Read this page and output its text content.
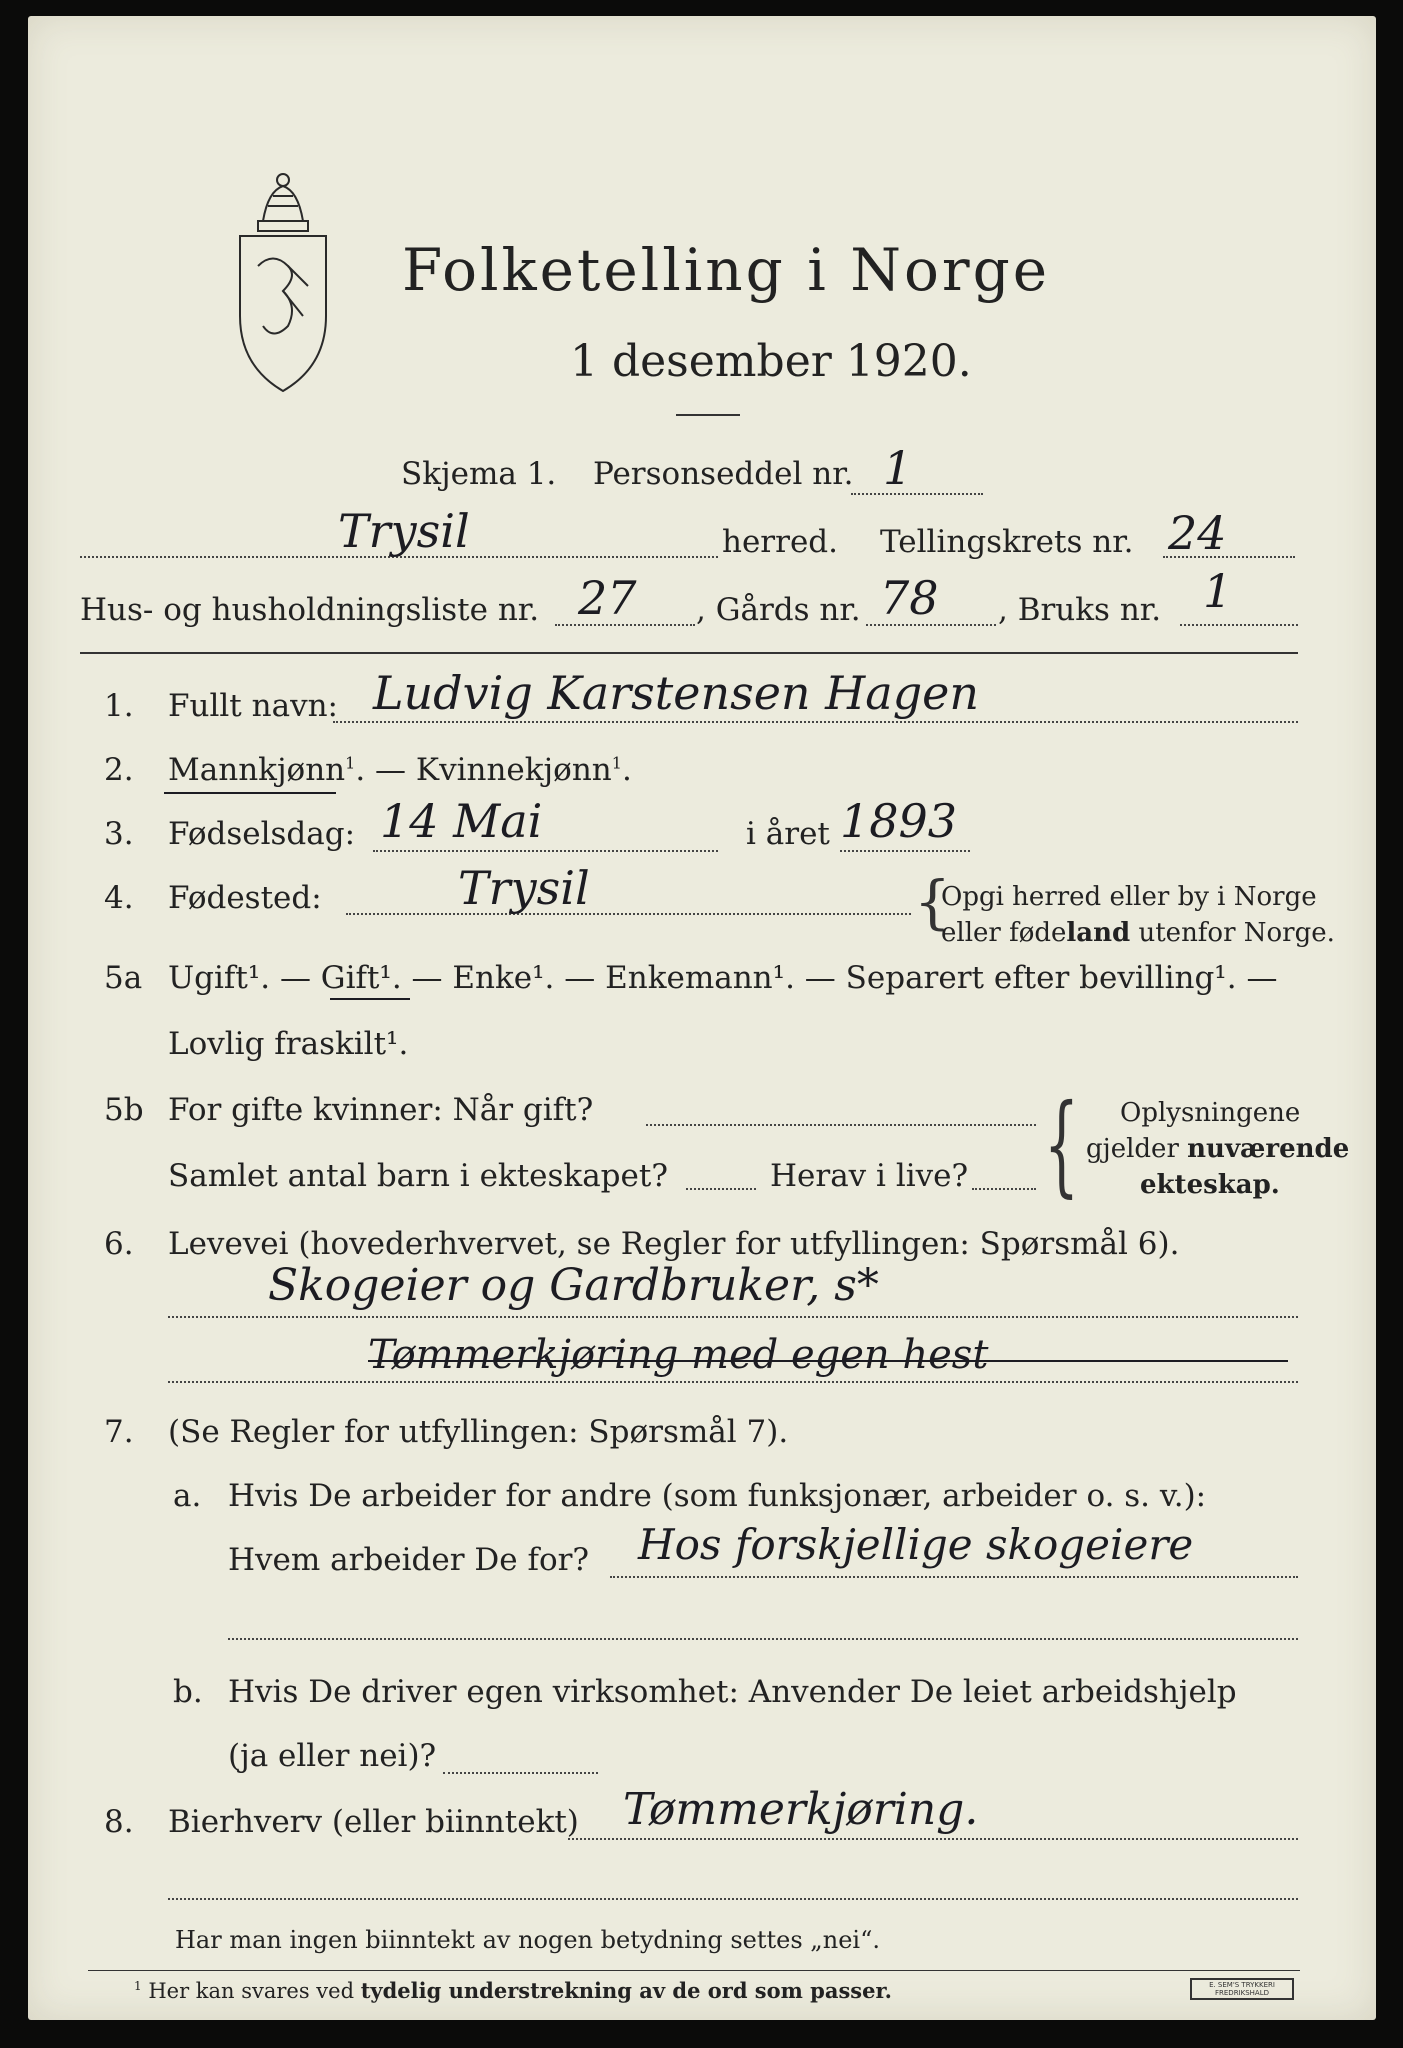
Folketelling i Norge
1 desember 1920.
Skjema 1. Personseddel nr. 1
Trysil	herred. Tellingskrets nr. 24
Hus- og husholdningsliste nr. 27 , Gårds nr. 78 , Bruks nr. 1
1. Fullt navn: Ludvig Karstensen Hagen
2. Mannkjønn$^1$. — Kvinnekjønn$^1$.
3. Fødselsdag: 14 Mai	i året 1893
4. Fødested:	Trysil	{
Opgi herred eller by i Norge
eller fødeland utenfor Norge.
5a Ugift¹. — Gift¹. — Enke¹. — Enkemann¹. — Separert efter bevilling¹. —
Lovlig fraskilt¹.
5b For gifte kvinner: Når gift?
Samlet antal barn i ekteskapet?	Herav i live? { Oplysningene
gjelder nuværende
ekteskap.
6. Levevei (hovederhvervet, se Regler for utfyllingen: Spørsmål 6).
Skogeier og Gardbruker, s*
Tømmerkjøring med egen hest
7. (Se Regler for utfyllingen: Spørsmål 7).
a. Hvis De arbeider for andre (som funksjonær, arbeider o. s. v.):
Hvem arbeider De for? Hos forskjellige skogeiere
b. Hvis De driver egen virksomhet: Anvender De leiet arbeidshjelp
(ja eller nei)?
8. Bierhverv (eller biinntekt) Tømmerkjøring.
Har man ingen biinntekt av nogen betydning settes „nei“.
$^1$ Her kan svares ved tydelig understrekning av de ord som passer.	E. SEM'S TRYKKERI
FREDRIKSHALD
